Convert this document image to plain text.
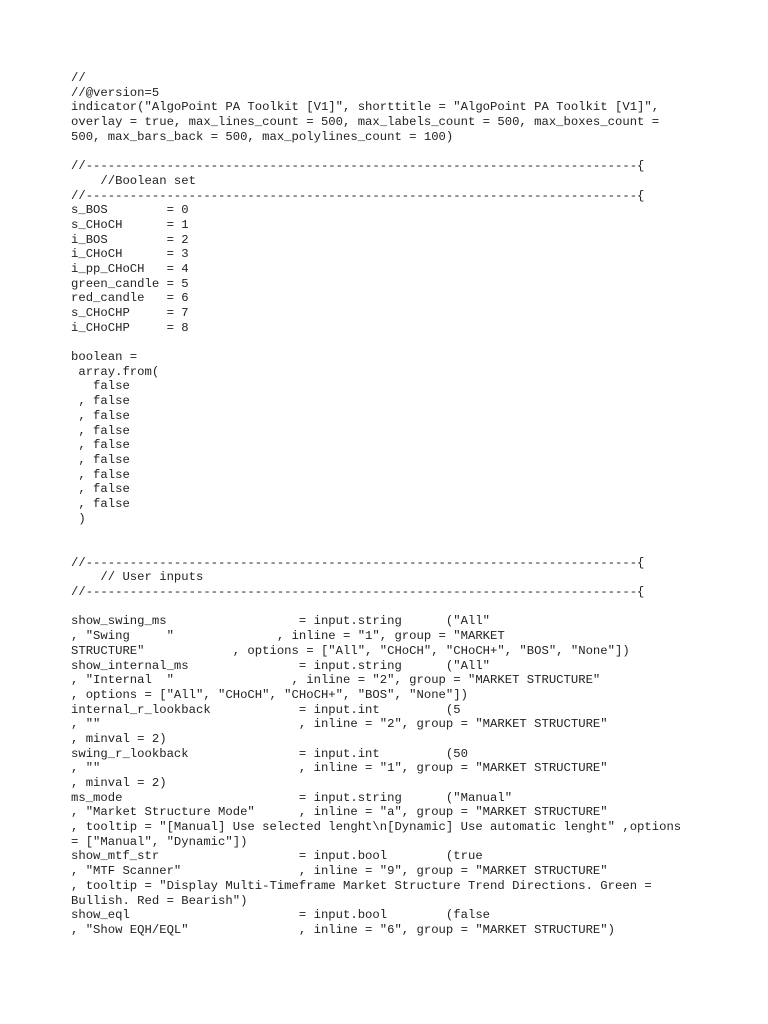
//
//@version=5
indicator("AlgoPoint PA Toolkit [V1]", shorttitle = "AlgoPoint PA Toolkit [V1]",
overlay = true, max_lines_count = 500, max_labels_count = 500, max_boxes_count =
500, max_bars_back = 500, max_polylines_count = 100)
//---------------------------------------------------------------------------{
//Boolean set
//---------------------------------------------------------------------------{
s_BOS        = 0
s_CHoCH      = 1
i_BOS        = 2
i_CHoCH      = 3
i_pp_CHoCH   = 4
green_candle = 5
red_candle   = 6
s_CHoCHP     = 7
i_CHoCHP     = 8
boolean =
array.from(
false
, false
, false
, false
, false
, false
, false
, false
, false
)
//---------------------------------------------------------------------------{
// User inputs
//---------------------------------------------------------------------------{
show_swing_ms                  = input.string      ("All"
, "Swing     "              , inline = "1", group = "MARKET
STRUCTURE"            , options = ["All", "CHoCH", "CHoCH+", "BOS", "None"])
show_internal_ms               = input.string      ("All"
, "Internal  "                , inline = "2", group = "MARKET STRUCTURE"
, options = ["All", "CHoCH", "CHoCH+", "BOS", "None"])
internal_r_lookback            = input.int         (5
, ""                           , inline = "2", group = "MARKET STRUCTURE"
, minval = 2)
swing_r_lookback               = input.int         (50
, ""                           , inline = "1", group = "MARKET STRUCTURE"
, minval = 2)
ms_mode                        = input.string      ("Manual"
, "Market Structure Mode"      , inline = "a", group = "MARKET STRUCTURE"
, tooltip = "[Manual] Use selected lenght\n[Dynamic] Use automatic lenght" ,options
= ["Manual", "Dynamic"])
show_mtf_str                   = input.bool        (true
, "MTF Scanner"                , inline = "9", group = "MARKET STRUCTURE"
, tooltip = "Display Multi-Timeframe Market Structure Trend Directions. Green =
Bullish. Red = Bearish")
show_eql                       = input.bool        (false
, "Show EQH/EQL"               , inline = "6", group = "MARKET STRUCTURE")
